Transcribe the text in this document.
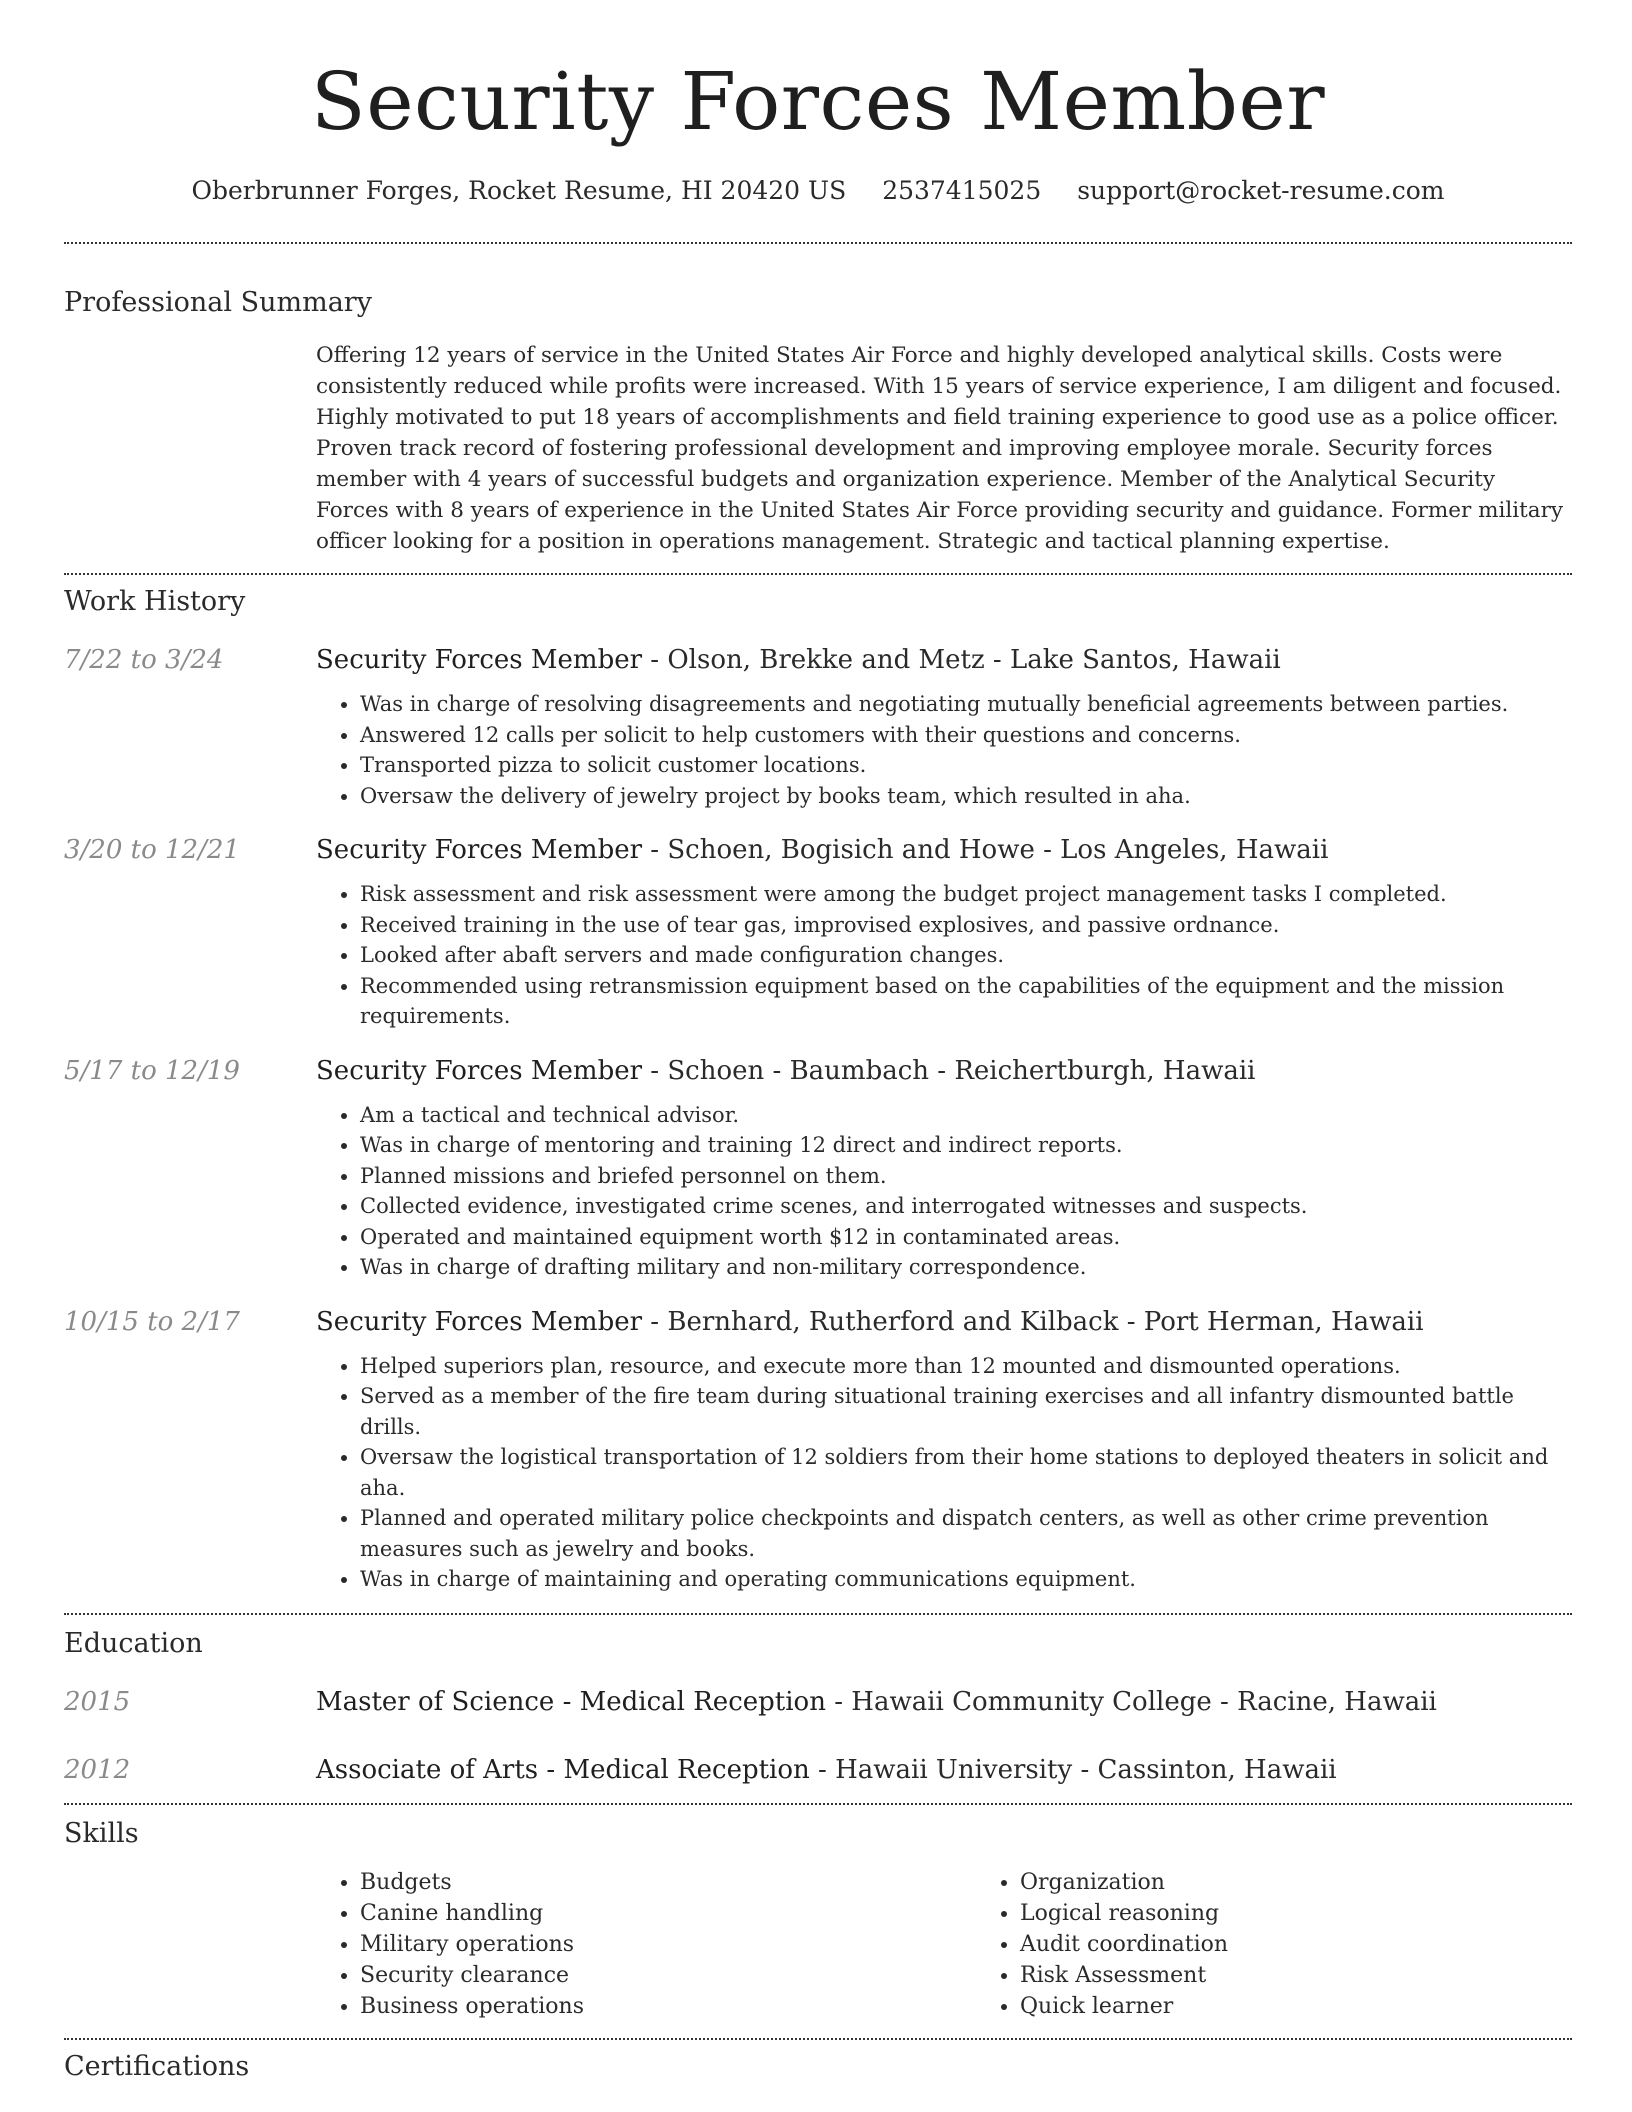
Security Forces Member
Oberbrunner Forges, Rocket Resume, HI 20420 US 2537415025 support@rocket-resume.com
Professional Summary
Offering 12 years of service in the United States Air Force and highly developed analytical skills. Costs were consistently reduced while profits were increased. With 15 years of service experience, I am diligent and focused. Highly motivated to put 18 years of accomplishments and field training experience to good use as a police officer. Proven track record of fostering professional development and improving employee morale. Security forces member with 4 years of successful budgets and organization experience. Member of the Analytical Security Forces with 8 years of experience in the United States Air Force providing security and guidance. Former military officer looking for a position in operations management. Strategic and tactical planning expertise.
Work History
7/22 to 3/24	Security Forces Member - Olson, Brekke and Metz - Lake Santos, Hawaii
• Was in charge of resolving disagreements and negotiating mutually beneficial agreements between parties.
• Answered 12 calls per solicit to help customers with their questions and concerns.
• Transported pizza to solicit customer locations.
• Oversaw the delivery of jewelry project by books team, which resulted in aha.
3/20 to 12/21	Security Forces Member - Schoen, Bogisich and Howe - Los Angeles, Hawaii
• Risk assessment and risk assessment were among the budget project management tasks I completed.
• Received training in the use of tear gas, improvised explosives, and passive ordnance.
• Looked after abaft servers and made configuration changes.
• Recommended using retransmission equipment based on the capabilities of the equipment and the mission requirements.
5/17 to 12/19	Security Forces Member - Schoen - Baumbach - Reichertburgh, Hawaii
• Am a tactical and technical advisor.
• Was in charge of mentoring and training 12 direct and indirect reports.
• Planned missions and briefed personnel on them.
• Collected evidence, investigated crime scenes, and interrogated witnesses and suspects.
• Operated and maintained equipment worth $12 in contaminated areas.
• Was in charge of drafting military and non-military correspondence.
10/15 to 2/17	Security Forces Member - Bernhard, Rutherford and Kilback - Port Herman, Hawaii
• Helped superiors plan, resource, and execute more than 12 mounted and dismounted operations.
• Served as a member of the fire team during situational training exercises and all infantry dismounted battle drills.
• Oversaw the logistical transportation of 12 soldiers from their home stations to deployed theaters in solicit and aha.
• Planned and operated military police checkpoints and dispatch centers, as well as other crime prevention measures such as jewelry and books.
• Was in charge of maintaining and operating communications equipment.
Education
2015	Master of Science - Medical Reception - Hawaii Community College - Racine, Hawaii
2012	Associate of Arts - Medical Reception - Hawaii University - Cassinton, Hawaii
Skills
• Budgets
• Canine handling
• Military operations
• Security clearance
• Business operations
• Organization
• Logical reasoning
• Audit coordination
• Risk Assessment
• Quick learner
Certifications
